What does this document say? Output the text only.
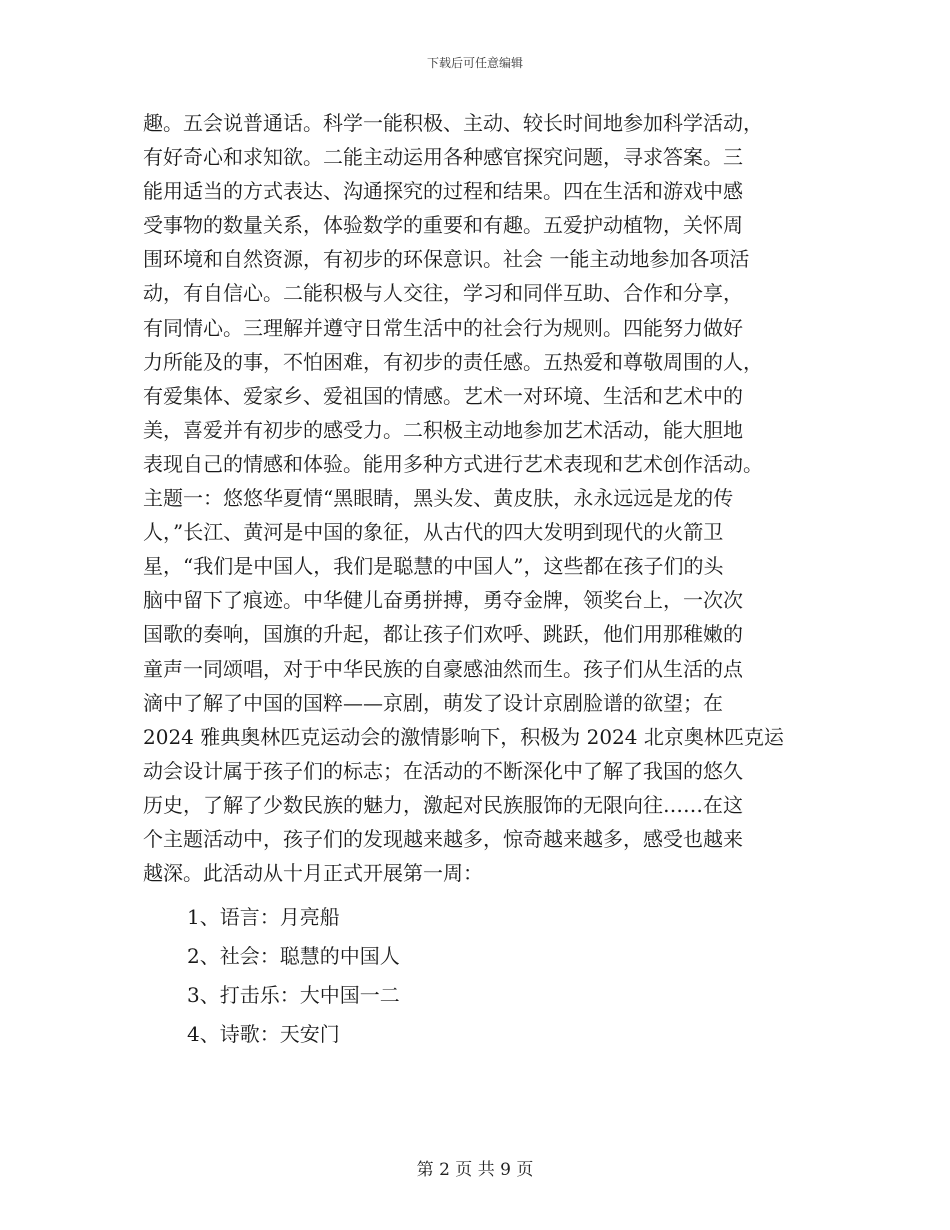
下载后可任意编辑
趣。五会说普通话。科学一能积极、主动、较长时间地参加科学活动，
有好奇心和求知欲。二能主动运用各种感官探究问题，寻求答案。三
能用适当的方式表达、沟通探究的过程和结果。四在生活和游戏中感
受事物的数量关系，体验数学的重要和有趣。五爱护动植物，关怀周
围环境和自然资源，有初步的环保意识。社会 一能主动地参加各项活
动，有自信心。二能积极与人交往，学习和同伴互助、合作和分享，
有同情心。三理解并遵守日常生活中的社会行为规则。四能努力做好
力所能及的事，不怕困难，有初步的责任感。五热爱和尊敬周围的人，
有爱集体、爱家乡、爱祖国的情感。艺术一对环境、生活和艺术中的
美，喜爱并有初步的感受力。二积极主动地参加艺术活动，能大胆地
表现自己的情感和体验。能用多种方式进行艺术表现和艺术创作活动。
主题一：悠悠华夏情“黑眼睛，黑头发、黄皮肤，永永远远是龙的传
人，”长江、黄河是中国的象征，从古代的四大发明到现代的火箭卫
星，“我们是中国人，我们是聪慧的中国人”，这些都在孩子们的头
脑中留下了痕迹。中华健儿奋勇拼搏，勇夺金牌，领奖台上，一次次
国歌的奏响，国旗的升起，都让孩子们欢呼、跳跃，他们用那稚嫩的
童声一同颂唱，对于中华民族的自豪感油然而生。孩子们从生活的点
滴中了解了中国的国粹——京剧，萌发了设计京剧脸谱的欲望；在
2024 雅典奥林匹克运动会的激情影响下，积极为 2024 北京奥林匹克运
动会设计属于孩子们的标志；在活动的不断深化中了解了我国的悠久
历史，了解了少数民族的魅力，激起对民族服饰的无限向往……在这
个主题活动中，孩子们的发现越来越多，惊奇越来越多，感受也越来
越深。此活动从十月正式开展第一周：
1、语言：月亮船
2、社会：聪慧的中国人
3、打击乐：大中国一二
4、诗歌：天安门
第 2 页 共 9 页
